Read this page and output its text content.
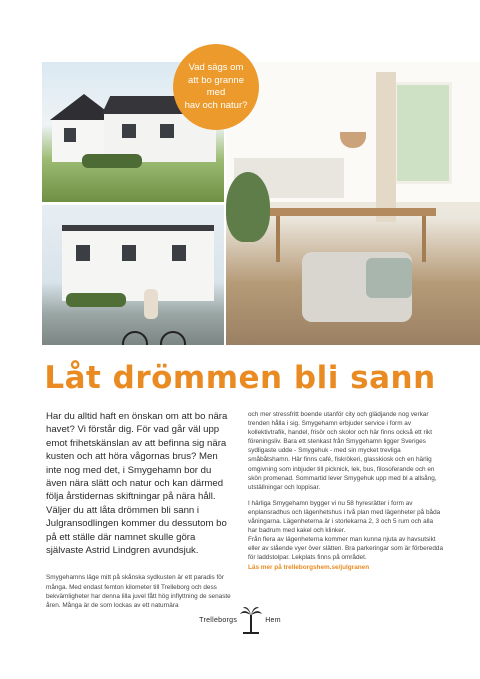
Vad sägs om
att bo granne med
hav och natur?
Låt drömmen bli sann

Har du alltid haft en önskan om att bo nära havet? Vi förstår dig. För vad går väl upp emot frihetskänslan av att befinna sig nära kusten och att höra vågornas brus? Men inte nog med det, i Smygehamn bor du även nära slätt och natur och kan därmed följa årstidernas skiftningar på nära håll. Väljer du att låta drömmen bli sann i Julgransodlingen kommer du dessutom bo på ett ställe där namnet skulle göra självaste Astrid Lindgren avundsjuk.

Smygehamns läge mitt på skånska sydkusten är ett paradis för många. Med endast femton kilometer till Trelleborg och dess bekvämligheter har denna lilla juvel fått hög inflyttning de senaste åren. Många är de som lockas av ett naturnära

och mer stressfritt boende utanför city och glädjande nog verkar trenden hålla i sig. Smygehamn erbjuder service i form av kollektivtrafik, handel, frisör och skolor och här finns också ett rikt föreningsliv. Bara ett stenkast från Smygehamn ligger Sveriges sydligaste udde - Smygehuk - med sin mycket trevliga småbåtshamn. Här finns café, fiskrökeri, glasskiosk och en härlig omgivning som inbjuder till picknick, lek, bus, filosoferande och en skön promenad. Sommartid lever Smygehuk upp med bl a allsång, utställningar och loppisar.

I härliga Smygehamn bygger vi nu 58 hyresrätter i form av enplansradhus och lägenhetshus i två plan med lägenheter på båda våningarna. Lägenheterna är i storlekarna 2, 3 och 5 rum och alla har badrum med kakel och klinker.

Från flera av lägenheterna kommer man kunna njuta av havsutsikt eller av slående vyer över slätten. Bra parkeringar som är förberedda för laddstolpar. Lekplats finns på området.

Läs mer på trelleborgshem.se/julgranen
Trelleborgs	Hem
